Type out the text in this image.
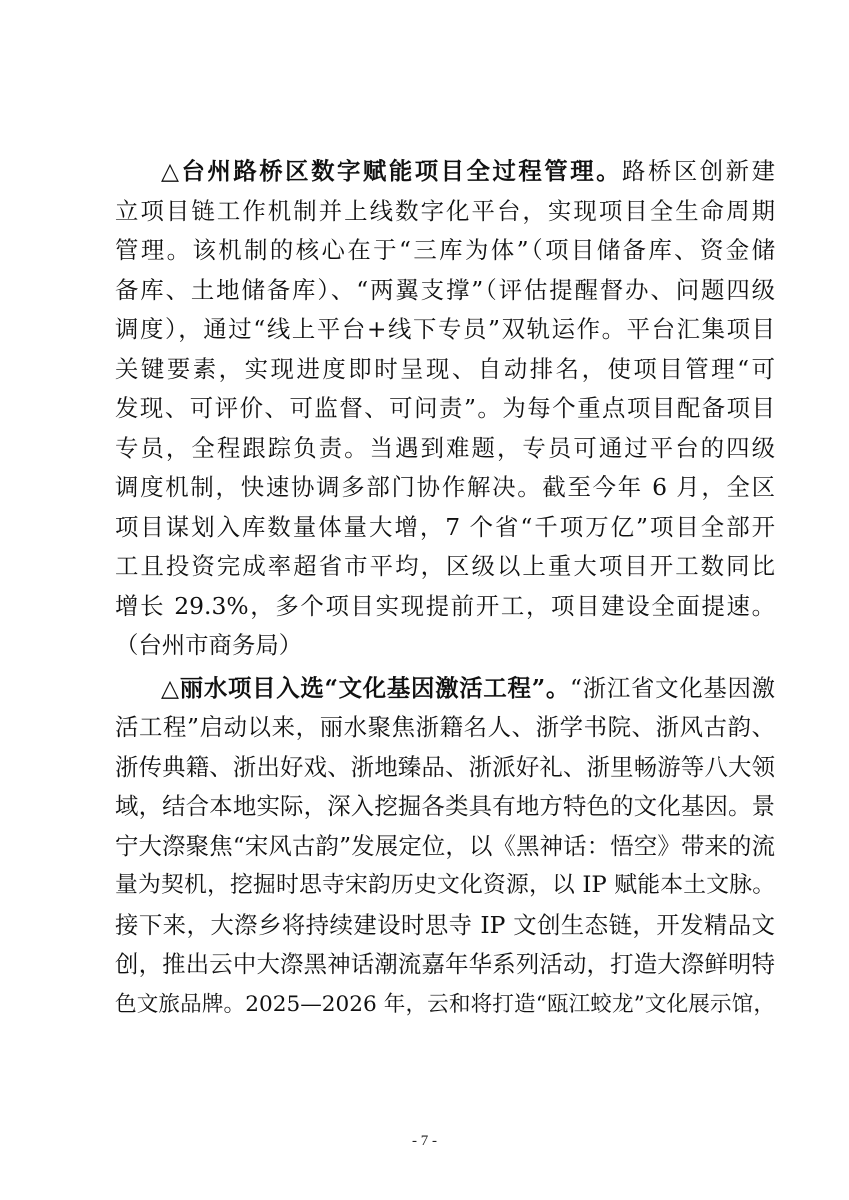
△台州路桥区数字赋能项目全过程管理。路桥区创新建
立项目链工作机制并上线数字化平台，实现项目全生命周期
管理。该机制的核心在于“三库为体”（项目储备库、资金储
备库、土地储备库）、“两翼支撑”（评估提醒督办、问题四级
调度），通过“线上平台+线下专员”双轨运作。平台汇集项目
关键要素，实现进度即时呈现、自动排名，使项目管理“可
发现、可评价、可监督、可问责”。为每个重点项目配备项目
专员，全程跟踪负责。当遇到难题，专员可通过平台的四级
调度机制，快速协调多部门协作解决。截至今年 6 月，全区
项目谋划入库数量体量大增，7 个省“千项万亿”项目全部开
工且投资完成率超省市平均，区级以上重大项目开工数同比
增长 29.3%，多个项目实现提前开工，项目建设全面提速。
（台州市商务局）
△丽水项目入选“文化基因激活工程”。“浙江省文化基因激
活工程”启动以来，丽水聚焦浙籍名人、浙学书院、浙风古韵、
浙传典籍、浙出好戏、浙地臻品、浙派好礼、浙里畅游等八大领
域，结合本地实际，深入挖掘各类具有地方特色的文化基因。景
宁大漈聚焦“宋风古韵”发展定位，以《黑神话：悟空》带来的流
量为契机，挖掘时思寺宋韵历史文化资源，以 IP 赋能本土文脉。
接下来，大漈乡将持续建设时思寺 IP 文创生态链，开发精品文
创，推出云中大漈黑神话潮流嘉年华系列活动，打造大漈鲜明特
色文旅品牌。2025—2026 年，云和将打造“瓯江蛟龙”文化展示馆，
- 7 -
